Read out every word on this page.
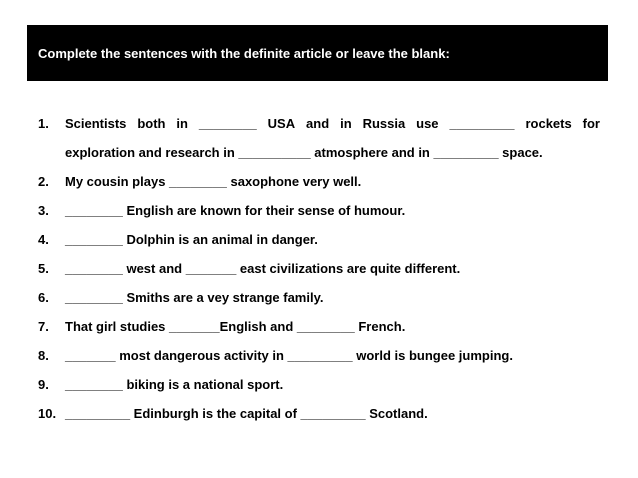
Complete the sentences with the definite article or leave the blank:
1. Scientists both in ________ USA and in Russia use _________ rockets for
exploration and research in __________ atmosphere and in _________ space.
2. My cousin plays ________ saxophone very well.
3. ________ English are known for their sense of humour.
4. ________ Dolphin is an animal in danger.
5. ________ west and _______ east civilizations are quite different.
6. ________ Smiths are a vey strange family.
7. That girl studies _______English and ________ French.
8. _______ most dangerous activity in _________ world is bungee jumping.
9. ________ biking is a national sport.
10. _________ Edinburgh is the capital of _________ Scotland.
